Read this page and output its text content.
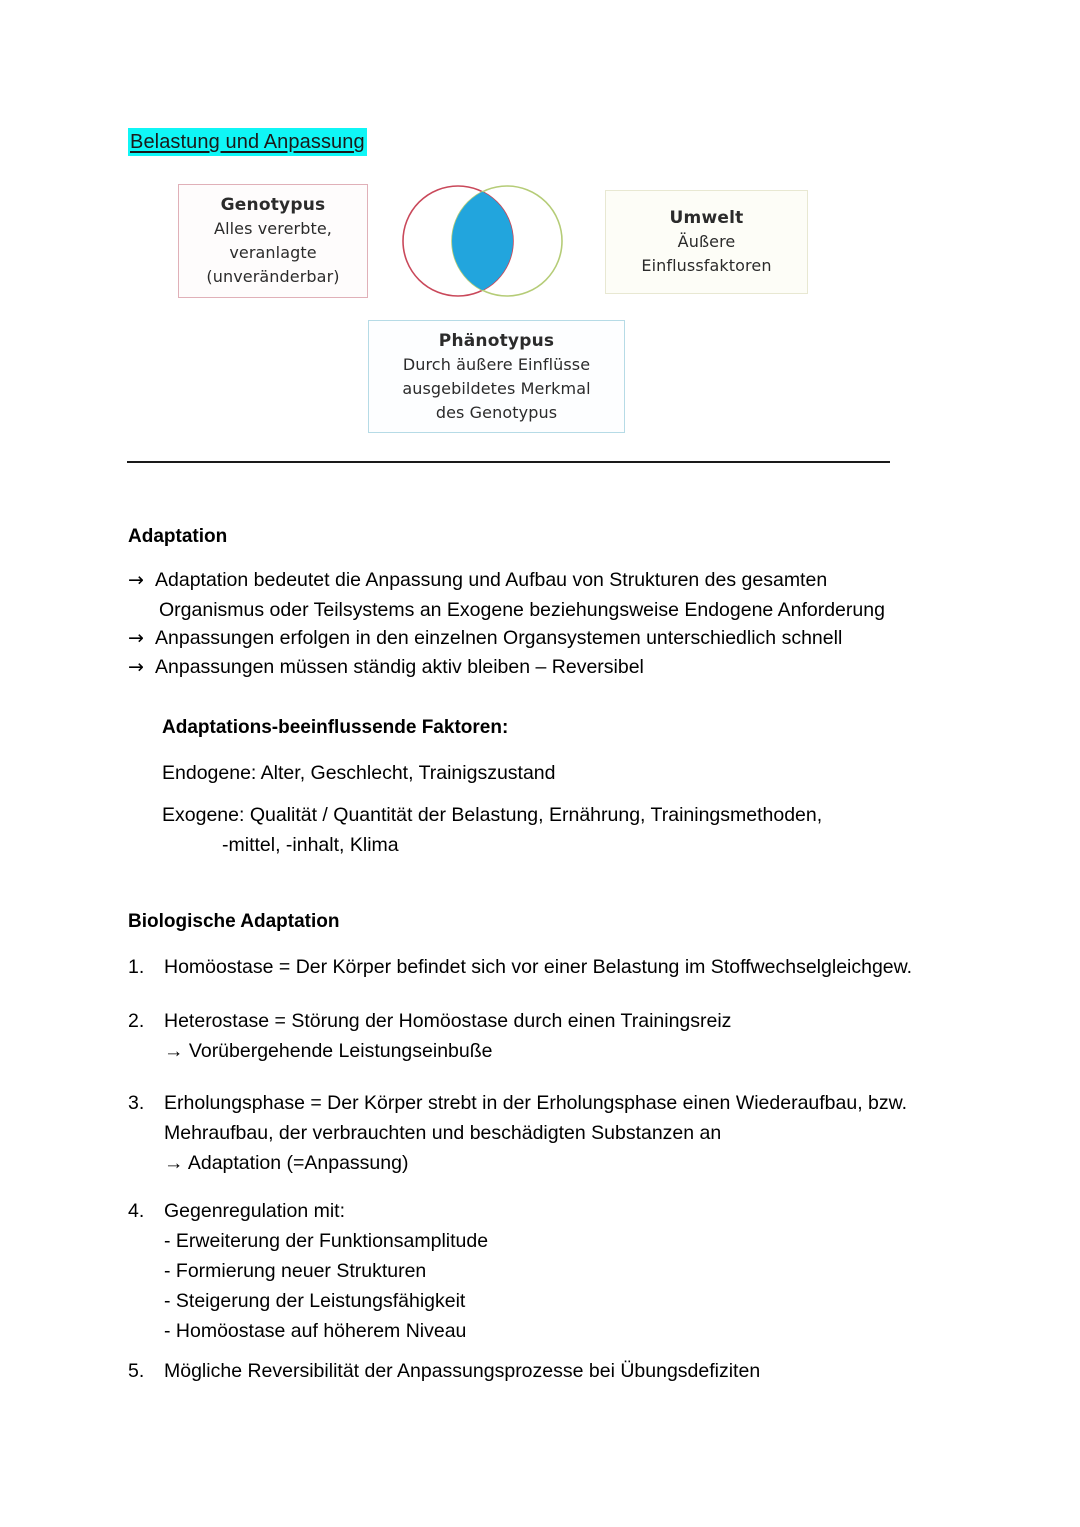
Belastung und Anpassung
Genotypus
Alles vererbte,
veranlagte
(unveränderbar)
Umwelt
Äußere
Einflussfaktoren
Phänotypus
Durch äußere Einflüsse
ausgebildetes Merkmal
des Genotypus
Adaptation
→ Adaptation bedeutet die Anpassung und Aufbau von Strukturen des gesamten
Organismus oder Teilsystems an Exogene beziehungsweise Endogene Anforderung
→ Anpassungen erfolgen in den einzelnen Organsystemen unterschiedlich schnell
→ Anpassungen müssen ständig aktiv bleiben – Reversibel
Adaptations-beeinflussende Faktoren:
Endogene: Alter, Geschlecht, Trainigszustand
Exogene: Qualität / Quantität der Belastung, Ernährung, Trainingsmethoden,
-mittel, -inhalt, Klima
Biologische Adaptation
1.	Homöostase = Der Körper befindet sich vor einer Belastung im Stoffwechselgleichgew.
2.	Heterostase = Störung der Homöostase durch einen Trainingsreiz
→ Vorübergehende Leistungseinbuße
3.	Erholungsphase = Der Körper strebt in der Erholungsphase einen Wiederaufbau, bzw.
Mehraufbau, der verbrauchten und beschädigten Substanzen an
→ Adaptation (=Anpassung)
4.	Gegenregulation mit:
- Erweiterung der Funktionsamplitude
- Formierung neuer Strukturen
- Steigerung der Leistungsfähigkeit
- Homöostase auf höherem Niveau
5.	Mögliche Reversibilität der Anpassungsprozesse bei Übungsdefiziten
